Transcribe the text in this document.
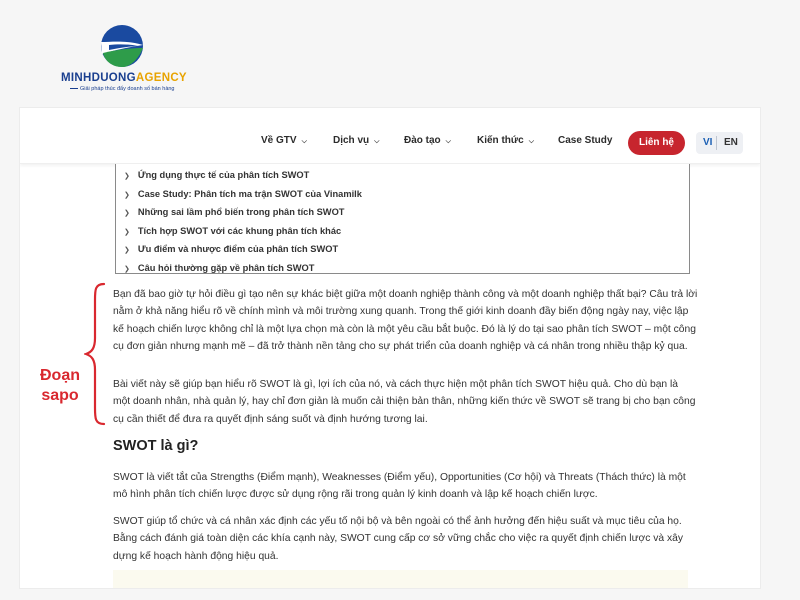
MINHDUONGAGENCY
Giải pháp thúc đẩy doanh số bán hàng
Về GTV ⌵	Dịch vụ ⌵ Đào tạo ⌵	Kiến thức ⌵ Case Study	Liên hệ	VI EN
❯ Ứng dụng thực tế của phân tích SWOT
❯ Case Study: Phân tích ma trận SWOT của Vinamilk
❯ Những sai lầm phổ biến trong phân tích SWOT
❯ Tích hợp SWOT với các khung phân tích khác
❯ Ưu điểm và nhược điểm của phân tích SWOT
❯ Câu hỏi thường gặp về phân tích SWOT

Bạn đã bao giờ tự hỏi điều gì tạo nên sự khác biệt giữa một doanh nghiệp thành công và một doanh nghiệp thất bại? Câu trả lời nằm ở khả năng hiểu rõ về chính mình và môi trường xung quanh. Trong thế giới kinh doanh đầy biến động ngày nay, việc lập kế hoạch chiến lược không chỉ là một lựa chọn mà còn là một yêu cầu bắt buộc. Đó là lý do tại sao phân tích SWOT – một công cụ đơn giản nhưng mạnh mẽ – đã trở thành nền tảng cho sự phát triển của doanh nghiệp và cá nhân trong nhiều thập kỷ qua.

Bài viết này sẽ giúp bạn hiểu rõ SWOT là gì, lợi ích của nó, và cách thực hiện một phân tích SWOT hiệu quả. Cho dù bạn là một doanh nhân, nhà quản lý, hay chỉ đơn giản là muốn cải thiện bản thân, những kiến thức về SWOT sẽ trang bị cho bạn công cụ cần thiết để đưa ra quyết định sáng suốt và định hướng tương lai.

SWOT là gì?

SWOT là viết tắt của Strengths (Điểm mạnh), Weaknesses (Điểm yếu), Opportunities (Cơ hội) và Threats (Thách thức) là một mô hình phân tích chiến lược được sử dụng rộng rãi trong quản lý kinh doanh và lập kế hoạch chiến lược.

SWOT giúp tổ chức và cá nhân xác định các yếu tố nội bộ và bên ngoài có thể ảnh hưởng đến hiệu suất và mục tiêu của họ. Bằng cách đánh giá toàn diện các khía cạnh này, SWOT cung cấp cơ sở vững chắc cho việc ra quyết định chiến lược và xây dựng kế hoạch hành động hiệu quả.

Đoạn
sapo
